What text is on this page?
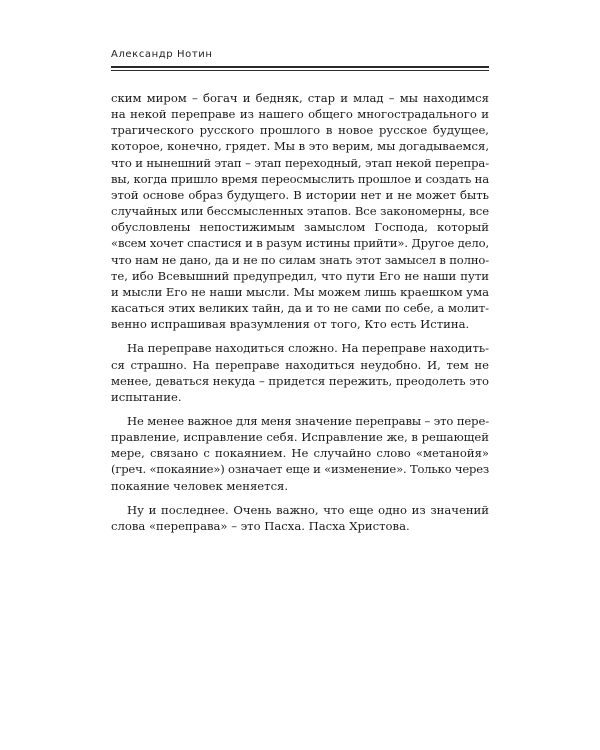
Александр Нотин

ским миром – богач и бедняк, стар и млад – мы находимся
на некой переправе из нашего общего многострадального и
трагического русского прошлого в новое русское будущее,
которое, конечно, грядет. Мы в это верим, мы догадываемся,
что и нынешний этап – этап переходный, этап некой перепра-
вы, когда пришло время переосмыслить прошлое и создать на
этой основе образ будущего. В истории нет и не может быть
случайных или бессмысленных этапов. Все закономерны, все
обусловлены непостижимым замыслом Господа, который
«всем хочет спастися и в разум истины прийти». Другое дело,
что нам не дано, да и не по силам знать этот замысел в полно-
те, ибо Всевышний предупредил, что пути Его не наши пути
и мысли Его не наши мысли. Мы можем лишь краешком ума
касаться этих великих тайн, да и то не сами по себе, а молит-
венно испрашивая вразумления от того, Кто есть Истина.

На переправе находиться сложно. На переправе находить-
ся страшно. На переправе находиться неудобно. И, тем не
менее, деваться некуда – придется пережить, преодолеть это
испытание.

Не менее важное для меня значение переправы – это пере-
правление, исправление себя. Исправление же, в решающей
мере, связано с покаянием. Не случайно слово «метанойя»
(греч. «покаяние») означает еще и «изменение». Только через
покаяние человек меняется.

Ну и последнее. Очень важно, что еще одно из значений
слова «переправа» – это Пасха. Пасха Христова.
